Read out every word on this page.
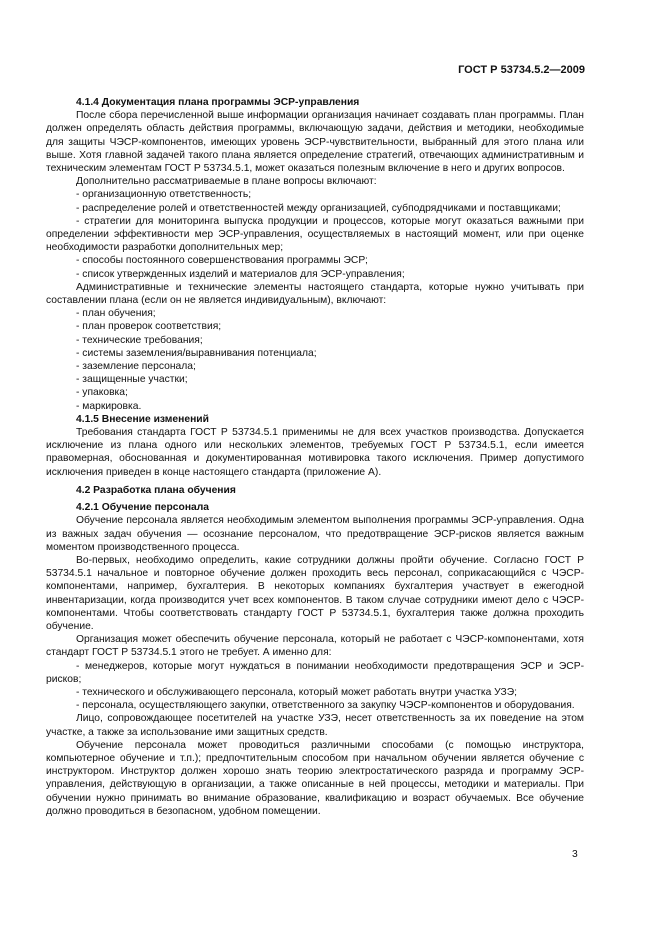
ГОСТ Р 53734.5.2—2009
4.1.4 Документация плана программы ЭСР-управления

После сбора перечисленной выше информации организация начинает создавать план программы. План должен определять область действия программы, включающую задачи, действия и методики, необходимые для защиты ЧЭСР-компонентов, имеющих уровень ЭСР-чувствительности, выбранный для этого плана или выше. Хотя главной задачей такого плана является определение стратегий, отвечающих административным и техническим элементам ГОСТ Р 53734.5.1, может оказаться полезным включение в него и других вопросов.

Дополнительно рассматриваемые в плане вопросы включают:

- организационную ответственность;

- распределение ролей и ответственностей между организацией, субподрядчиками и поставщиками;

- стратегии для мониторинга выпуска продукции и процессов, которые могут оказаться важными при определении эффективности мер ЭСР-управления, осуществляемых в настоящий момент, или при оценке необходимости разработки дополнительных мер;

- способы постоянного совершенствования программы ЭСР;

- список утвержденных изделий и материалов для ЭСР-управления;

Административные и технические элементы настоящего стандарта, которые нужно учитывать при составлении плана (если он не является индивидуальным), включают:

- план обучения;

- план проверок соответствия;

- технические требования;

- системы заземления/выравнивания потенциала;

- заземление персонала;

- защищенные участки;

- упаковка;

- маркировка.

4.1.5 Внесение изменений

Требования стандарта ГОСТ Р 53734.5.1 применимы не для всех участков производства. Допускается исключение из плана одного или нескольких элементов, требуемых ГОСТ Р 53734.5.1, если имеется правомерная, обоснованная и документированная мотивировка такого исключения. Пример допустимого исключения приведен в конце настоящего стандарта (приложение А).

4.2 Разработка плана обучения
4.2.1 Обучение персонала

Обучение персонала является необходимым элементом выполнения программы ЭСР-управления. Одна из важных задач обучения — осознание персоналом, что предотвращение ЭСР-рисков является важным моментом производственного процесса.

Во-первых, необходимо определить, какие сотрудники должны пройти обучение. Согласно ГОСТ Р 53734.5.1 начальное и повторное обучение должен проходить весь персонал, соприкасающийся с ЧЭСР-компонентами, например, бухгалтерия. В некоторых компаниях бухгалтерия участвует в ежегодной инвентаризации, когда производится учет всех компонентов. В таком случае сотрудники имеют дело с ЧЭСР-компонентами. Чтобы соответствовать стандарту ГОСТ Р 53734.5.1, бухгалтерия также должна проходить обучение.

Организация может обеспечить обучение персонала, который не работает с ЧЭСР-компонентами, хотя стандарт ГОСТ Р 53734.5.1 этого не требует. А именно для:

- менеджеров, которые могут нуждаться в понимании необходимости предотвращения ЭСР и ЭСР-рисков;

- технического и обслуживающего персонала, который может работать внутри участка УЗЭ;

- персонала, осуществляющего закупки, ответственного за закупку ЧЭСР-компонентов и оборудования.

Лицо, сопровождающее посетителей на участке УЗЭ, несет ответственность за их поведение на этом участке, а также за использование ими защитных средств.

Обучение персонала может проводиться различными способами (с помощью инструктора, компьютерное обучение и т.п.); предпочтительным способом при начальном обучении является обучение с инструктором. Инструктор должен хорошо знать теорию электростатического разряда и программу ЭСР-управления, действующую в организации, а также описанные в ней процессы, методики и материалы. При обучении нужно принимать во внимание образование, квалификацию и возраст обучаемых. Все обучение должно проводиться в безопасном, удобном помещении.

3
